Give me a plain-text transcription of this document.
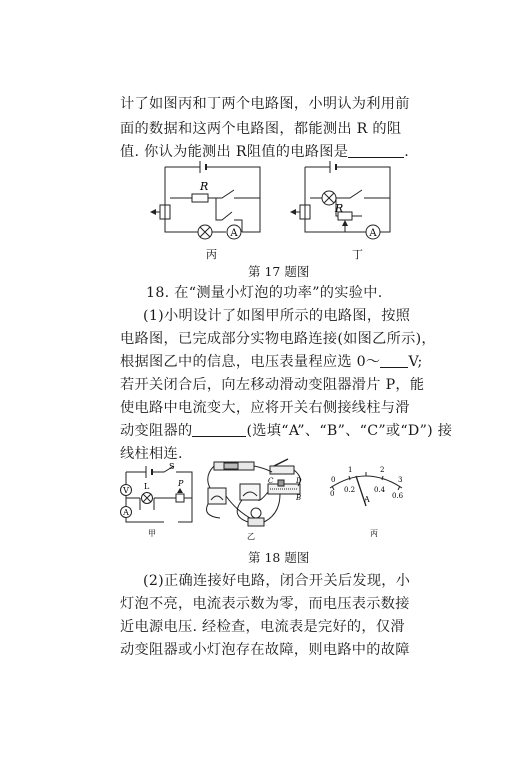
计了如图丙和丁两个电路图，小明认为利用前
面的数据和这两个电路图，都能测出 R 的阻
值. 你认为能测出 R阻值的电路图是	.
A
R
丙
A
R
丁
第 17 题图
18. 在“测量小灯泡的功率”的实验中.
(1)小明设计了如图甲所示的电路图，按照
电路图，已完成部分实物电路连接(如图乙所示)，
根据图乙中的信息，电压表量程应选 0～ V;
若开关闭合后，向左移动滑动变阻器滑片 P，能
使电路中电流变大，应将开关右侧接线柱与滑
动变阻器的	(选填“A”、“B”、“C”或“D”) 接
线柱相连.
V
A
L
S
P
甲
C	D
B
乙
0
1	2
3
0.2	0.4
0.6
0
A
丙
第 18 题图
(2)正确连接好电路，闭合开关后发现，小
灯泡不亮，电流表示数为零，而电压表示数接
近电源电压. 经检查，电流表是完好的，仅滑
动变阻器或小灯泡存在故障，则电路中的故障
